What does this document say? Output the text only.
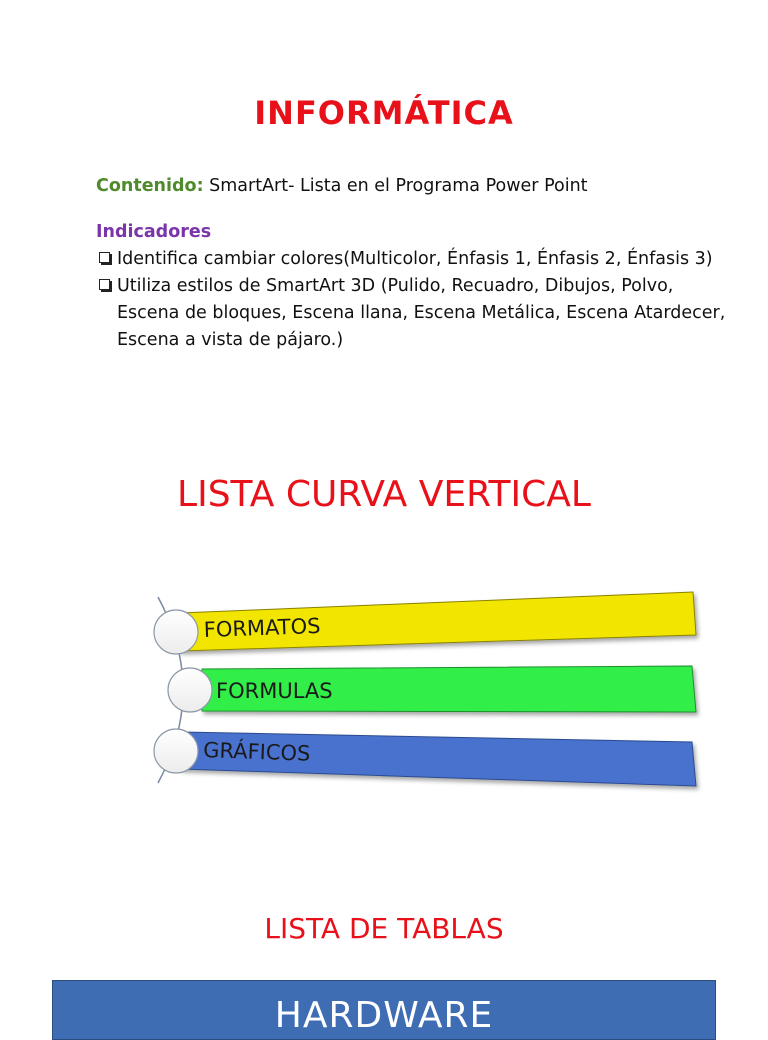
INFORMÁTICA
Contenido: SmartArt- Lista en el Programa Power Point
Indicadores
Identifica cambiar colores(Multicolor, Énfasis 1, Énfasis 2, Énfasis 3)
Utiliza estilos de SmartArt 3D (Pulido, Recuadro, Dibujos, Polvo,
Escena de bloques, Escena llana, Escena Metálica, Escena Atardecer,
Escena a vista de pájaro.)
LISTA CURVA VERTICAL
FORMATOS
FORMULAS
GRÁFICOS
LISTA DE TABLAS
HARDWARE
